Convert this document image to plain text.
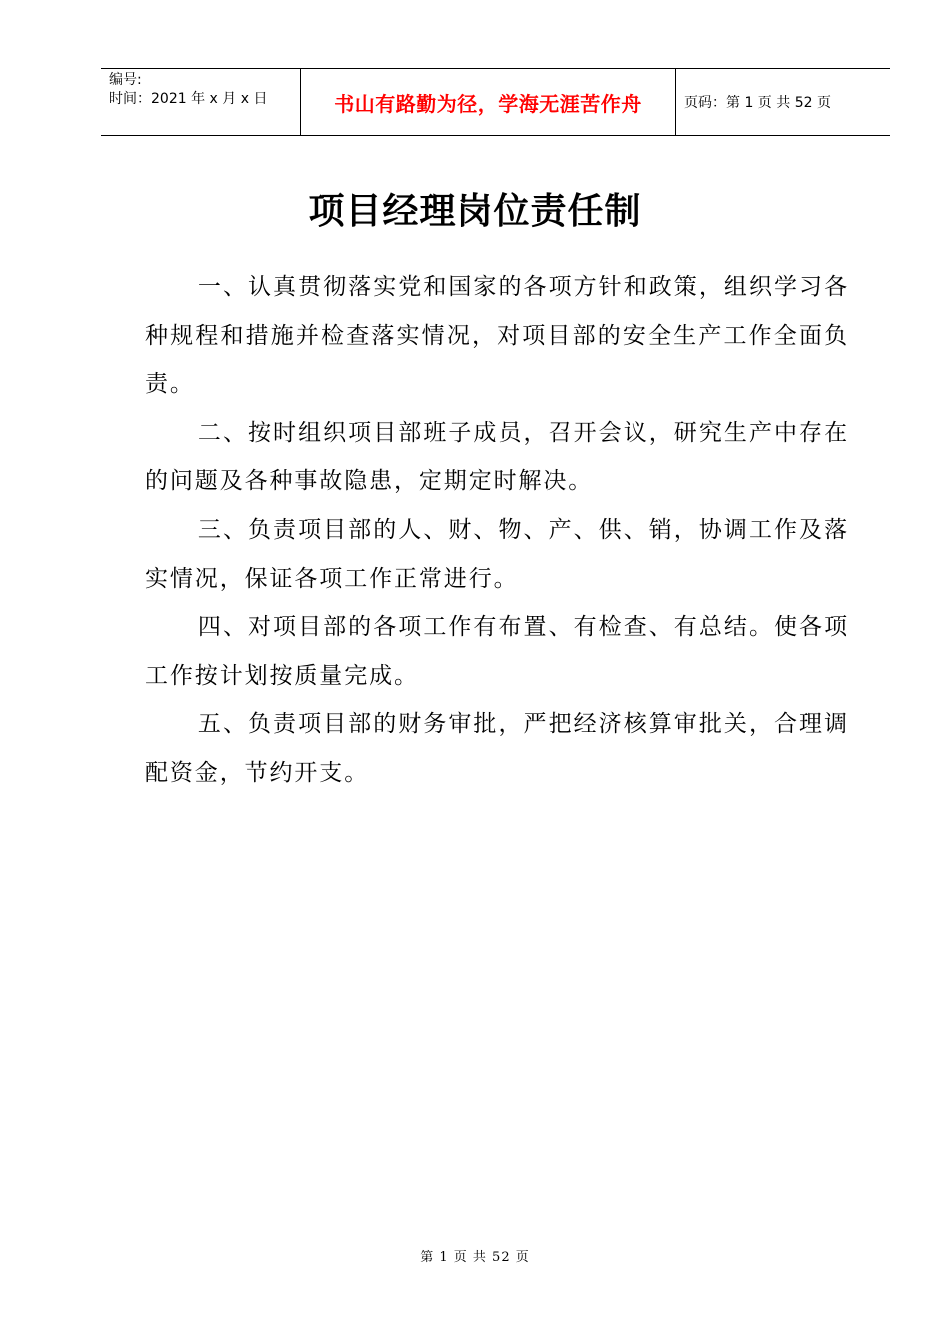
编号:
时间：2021 年 x 月 x 日	书山有路勤为径，学海无涯苦作舟	页码：第 1 页 共 52 页
项目经理岗位责任制

一、认真贯彻落实党和国家的各项方针和政策，组织学习各种规程和措施并检查落实情况，对项目部的安全生产工作全面负责。

二、按时组织项目部班子成员，召开会议，研究生产中存在的问题及各种事故隐患，定期定时解决。

三、负责项目部的人、财、物、产、供、销，协调工作及落实情况，保证各项工作正常进行。

四、对项目部的各项工作有布置、有检查、有总结。使各项工作按计划按质量完成。

五、负责项目部的财务审批，严把经济核算审批关，合理调配资金，节约开支。

第 1 页 共 52 页
